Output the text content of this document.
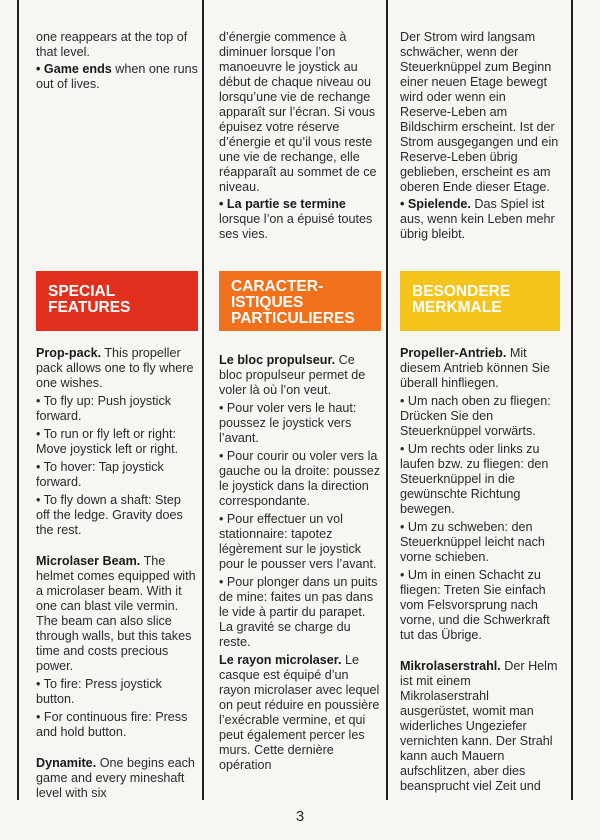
one reappears at the top of that level.

• Game ends when one runs out of lives.

SPECIAL
FEATURES

Prop-pack. This propeller pack allows one to fly where one wishes.

• To fly up: Push joystick forward.

• To run or fly left or right: Move joystick left or right.

• To hover: Tap joystick forward.

• To fly down a shaft: Step off the ledge. Gravity does the rest.

Microlaser Beam. The helmet comes equipped with a microlaser beam. With it one can blast vile vermin. The beam can also slice through walls, but this takes time and costs precious power.

• To fire: Press joystick button.

• For continuous fire: Press and hold button.

Dynamite. One begins each game and every mineshaft level with six

d’énergie commence à diminuer lorsque l’on manoeuvre le joystick au début de chaque niveau ou lorsqu’une vie de rechange apparaît sur l’écran. Si vous épuisez votre réserve d’énergie et qu’il vous reste une vie de rechange, elle réapparaît au sommet de ce niveau.

• La partie se termine lorsque l’on a épuisé toutes ses vies.

CARACTER-
ISTIQUES
PARTICULIERES

Le bloc propulseur. Ce bloc propulseur permet de voler là où l’on veut.

• Pour voler vers le haut: poussez le joystick vers l’avant.

• Pour courir ou voler vers la gauche ou la droite: poussez le joystick dans la direction correspondante.

• Pour effectuer un vol stationnaire: tapotez légèrement sur le joystick pour le pousser vers l’avant.

• Pour plonger dans un puits de mine: faites un pas dans le vide à partir du parapet. La gravité se charge du reste.

Le rayon microlaser. Le casque est équipé d’un rayon microlaser avec lequel on peut réduire en poussière l’exécrable vermine, et qui peut également percer les murs. Cette dernière opération

Der Strom wird langsam schwächer, wenn der Steuerknüppel zum Beginn einer neuen Etage bewegt wird oder wenn ein Reserve-Leben am Bildschirm erscheint. Ist der Strom ausgegangen und ein Reserve-Leben übrig geblieben, erscheint es am oberen Ende dieser Etage.

• Spielende. Das Spiel ist aus, wenn kein Leben mehr übrig bleibt.

BESONDERE
MERKMALE

Propeller-Antrieb. Mit diesem Antrieb können Sie überall hinfliegen.

• Um nach oben zu fliegen: Drücken Sie den Steuerknüppel vorwärts.

• Um rechts oder links zu laufen bzw. zu fliegen: den Steuerknüppel in die gewünschte Richtung bewegen.

• Um zu schweben: den Steuerknüppel leicht nach vorne schieben.

• Um in einen Schacht zu fliegen: Treten Sie einfach vom Felsvorsprung nach vorne, und die Schwerkraft tut das Übrige.

Mikrolaserstrahl. Der Helm ist mit einem Mikrolaserstrahl ausgerüstet, womit man widerliches Ungeziefer vernichten kann. Der Strahl kann auch Mauern aufschlitzen, aber dies beansprucht viel Zeit und

3
